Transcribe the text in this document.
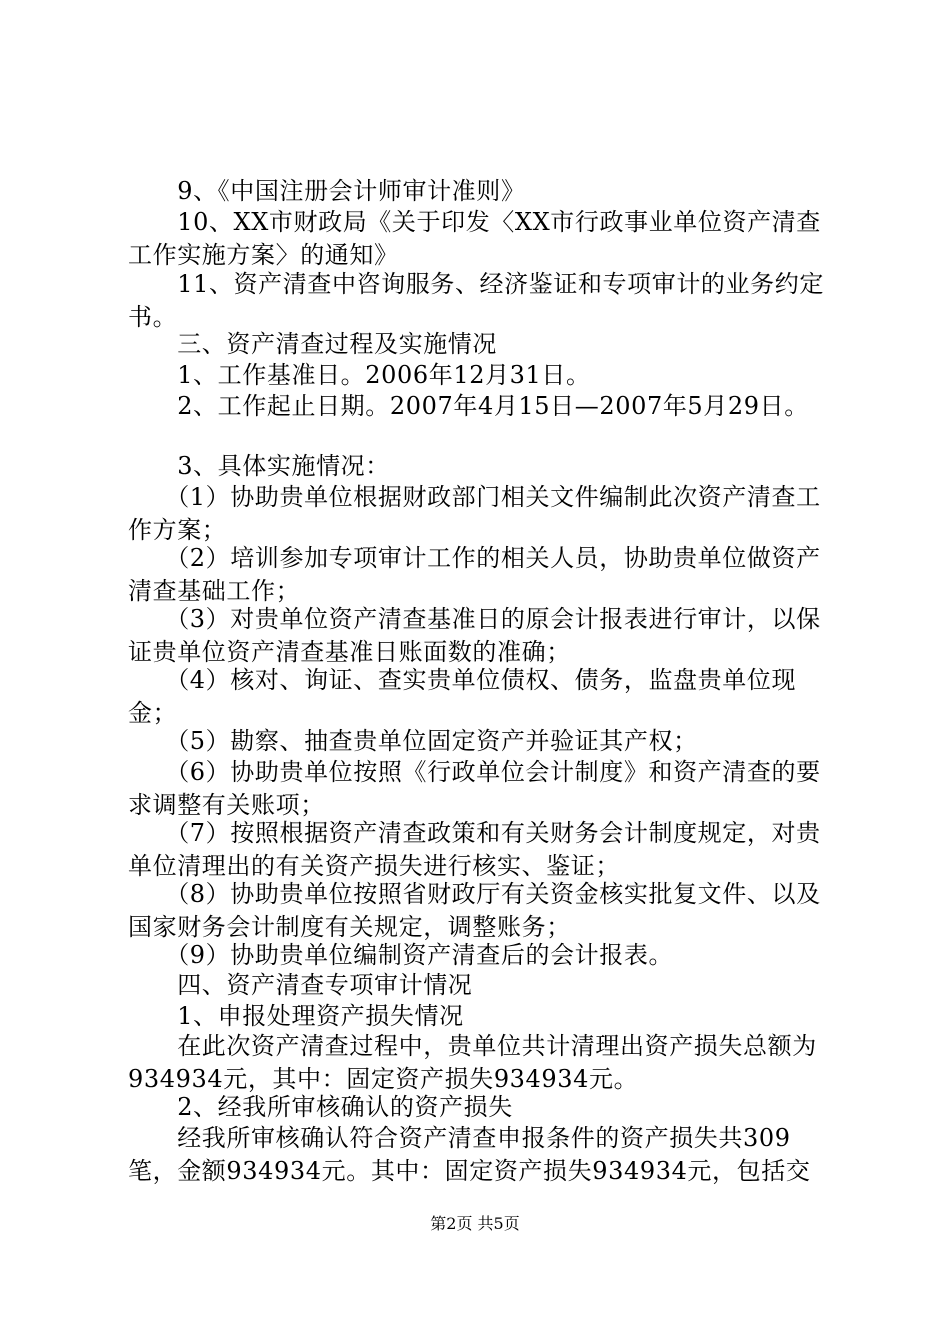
　　9、《中国注册会计师审计准则》

　　10、XX市财政局《关于印发〈XX市行政事业单位资产清查工作实施方案〉的通知》

　　11、资产清查中咨询服务、经济鉴证和专项审计的业务约定书。

　　三、资产清查过程及实施情况

　　1、工作基准日。2006年12月31日。

　　2、工作起止日期。2007年4月15日—2007年5月29日。

　　3、具体实施情况：

　　（1）协助贵单位根据财政部门相关文件编制此次资产清查工作方案；

　　（2）培训参加专项审计工作的相关人员，协助贵单位做资产清查基础工作；

　　（3）对贵单位资产清查基准日的原会计报表进行审计，以保证贵单位资产清查基准日账面数的准确；

　　（4）核对、询证、查实贵单位债权、债务，监盘贵单位现金；

　　（5）勘察、抽查贵单位固定资产并验证其产权；

　　（6）协助贵单位按照《行政单位会计制度》和资产清查的要求调整有关账项；

　　（7）按照根据资产清查政策和有关财务会计制度规定，对贵单位清理出的有关资产损失进行核实、鉴证；

　　（8）协助贵单位按照省财政厅有关资金核实批复文件、以及国家财务会计制度有关规定，调整账务；

　　（9）协助贵单位编制资产清查后的会计报表。

　　四、资产清查专项审计情况

　　1、申报处理资产损失情况

　　在此次资产清查过程中，贵单位共计清理出资产损失总额为934934元，其中：固定资产损失934934元。

　　2、经我所审核确认的资产损失

　　经我所审核确认符合资产清查申报条件的资产损失共309笔，金额934934元。其中：固定资产损失934934元，包括交

第2页 共5页
